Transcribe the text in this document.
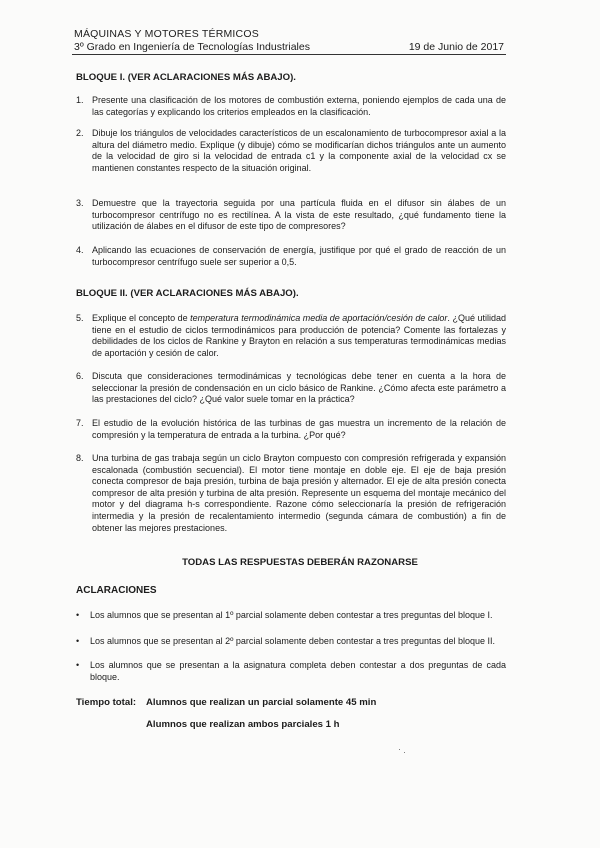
MÁQUINAS Y MOTORES TÉRMICOS
3º Grado en Ingeniería de Tecnologías Industriales	19 de Junio de 2017
BLOQUE I. (VER ACLARACIONES MÁS ABAJO).
1. Presente una clasificación de los motores de combustión externa, poniendo ejemplos de cada una de las categorías y explicando los criterios empleados en la clasificación.
2. Dibuje los triángulos de velocidades característicos de un escalonamiento de turbocompresor axial a la altura del diámetro medio. Explique (y dibuje) cómo se modificarían dichos triángulos ante un aumento de la velocidad de giro si la velocidad de entrada c1 y la componente axial de la velocidad cx se mantienen constantes respecto de la situación original.
3. Demuestre que la trayectoria seguida por una partícula fluida en el difusor sin álabes de un turbocompresor centrífugo no es rectilínea. A la vista de este resultado, ¿qué fundamento tiene la utilización de álabes en el difusor de este tipo de compresores?
4. Aplicando las ecuaciones de conservación de energía, justifique por qué el grado de reacción de un turbocompresor centrífugo suele ser superior a 0,5.
BLOQUE II. (VER ACLARACIONES MÁS ABAJO).
5. Explique el concepto de temperatura termodinámica media de aportación/cesión de calor. ¿Qué utilidad tiene en el estudio de ciclos termodinámicos para producción de potencia? Comente las fortalezas y debilidades de los ciclos de Rankine y Brayton en relación a sus temperaturas termodinámicas medias de aportación y cesión de calor.
6. Discuta que consideraciones termodinámicas y tecnológicas debe tener en cuenta a la hora de seleccionar la presión de condensación en un ciclo básico de Rankine. ¿Cómo afecta este parámetro a las prestaciones del ciclo? ¿Qué valor suele tomar en la práctica?
7. El estudio de la evolución histórica de las turbinas de gas muestra un incremento de la relación de compresión y la temperatura de entrada a la turbina. ¿Por qué?
8. Una turbina de gas trabaja según un ciclo Brayton compuesto con compresión refrigerada y expansión escalonada (combustión secuencial). El motor tiene montaje en doble eje. El eje de baja presión conecta compresor de baja presión, turbina de baja presión y alternador. El eje de alta presión conecta compresor de alta presión y turbina de alta presión. Represente un esquema del montaje mecánico del motor y del diagrama h-s correspondiente. Razone cómo seleccionaría la presión de refrigeración intermedia y la presión de recalentamiento intermedio (segunda cámara de combustión) a fin de obtener las mejores prestaciones.
TODAS LAS RESPUESTAS DEBERÁN RAZONARSE
ACLARACIONES
• Los alumnos que se presentan al 1º parcial solamente deben contestar a tres preguntas del bloque I.
• Los alumnos que se presentan al 2º parcial solamente deben contestar a tres preguntas del bloque II.
• Los alumnos que se presentan a la asignatura completa deben contestar a dos preguntas de cada bloque.
Tiempo total: Alumnos que realizan un parcial solamente 45 min
Alumnos que realizan ambos parciales 1 h
